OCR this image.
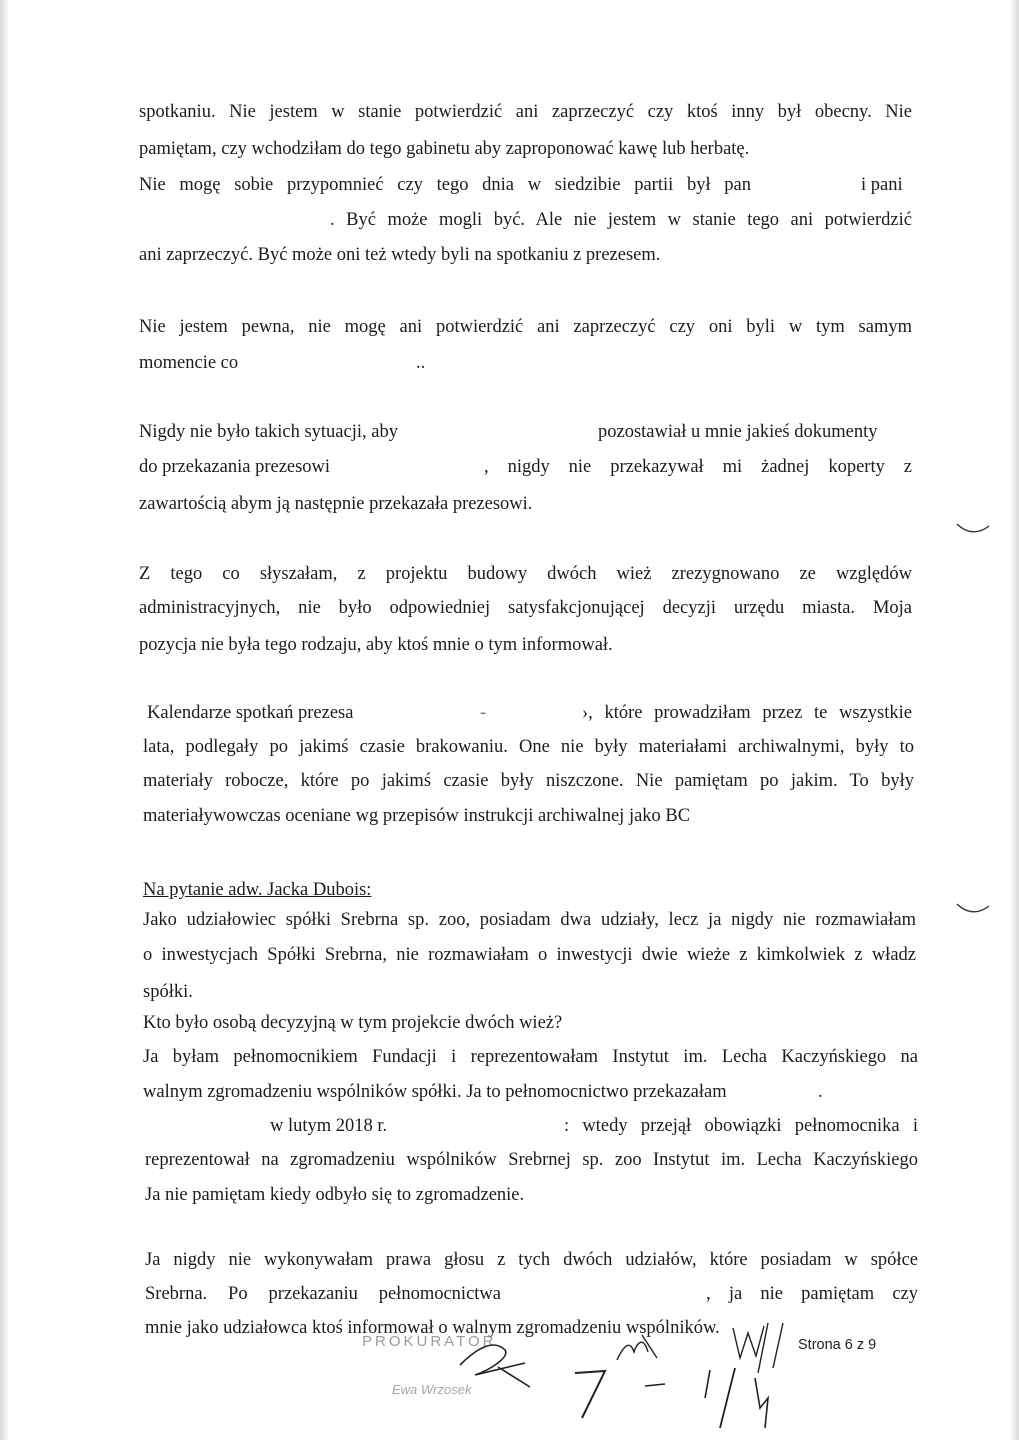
spotkaniu. Nie jestem w stanie potwierdzić ani zaprzeczyć czy ktoś inny był obecny. Nie
pamiętam, czy wchodziłam do tego gabinetu aby zaproponować kawę lub herbatę.
Nie mogę sobie przypomnieć czy tego dnia w siedzibie partii był pan	i pani
. Być może mogli być. Ale nie jestem w stanie tego ani potwierdzić
ani zaprzeczyć. Być może oni też wtedy byli na spotkaniu z prezesem.
Nie jestem pewna, nie mogę ani potwierdzić ani zaprzeczyć czy oni byli w tym samym
momencie co	..
Nigdy nie było takich sytuacji, aby	pozostawiał u mnie jakieś dokumenty
do przekazania prezesowi	, nigdy nie przekazywał mi żadnej koperty z
zawartością abym ją następnie przekazała prezesowi.
Z tego co słyszałam, z projektu budowy dwóch wież zrezygnowano ze względów
administracyjnych, nie było odpowiedniej satysfakcjonującej decyzji urzędu miasta. Moja
pozycja nie była tego rodzaju, aby ktoś mnie o tym informował.
Kalendarze spotkań prezesa	-	›, które prowadziłam przez te wszystkie
lata, podlegały po jakimś czasie brakowaniu. One nie były materiałami archiwalnymi, były to
materiały robocze, które po jakimś czasie były niszczone. Nie pamiętam po jakim. To były
materiaływowczas oceniane wg przepisów instrukcji archiwalnej jako BC
Na pytanie adw. Jacka Dubois:
Jako udziałowiec spółki Srebrna sp. zoo, posiadam dwa udziały, lecz ja nigdy nie rozmawiałam
o inwestycjach Spółki Srebrna, nie rozmawiałam o inwestycji dwie wieże z kimkolwiek z władz
spółki.
Kto było osobą decyzyjną w tym projekcie dwóch wież?
Ja byłam pełnomocnikiem Fundacji i reprezentowałam Instytut im. Lecha Kaczyńskiego na
walnym zgromadzeniu wspólników spółki. Ja to pełnomocnictwo przekazałam	.
w lutym 2018 r.	: wtedy przejął obowiązki pełnomocnika i
reprezentował na zgromadzeniu wspólników Srebrnej sp. zoo Instytut im. Lecha Kaczyńskiego
Ja nie pamiętam kiedy odbyło się to zgromadzenie.
Ja nigdy nie wykonywałam prawa głosu z tych dwóch udziałów, które posiadam w spółce
Srebrna. Po przekazaniu pełnomocnictwa	, ja nie pamiętam czy
mnie jako udziałowca ktoś informował o walnym zgromadzeniu wspólników.
Strona 6 z 9
PROKURATOR
Ewa Wrzosek
